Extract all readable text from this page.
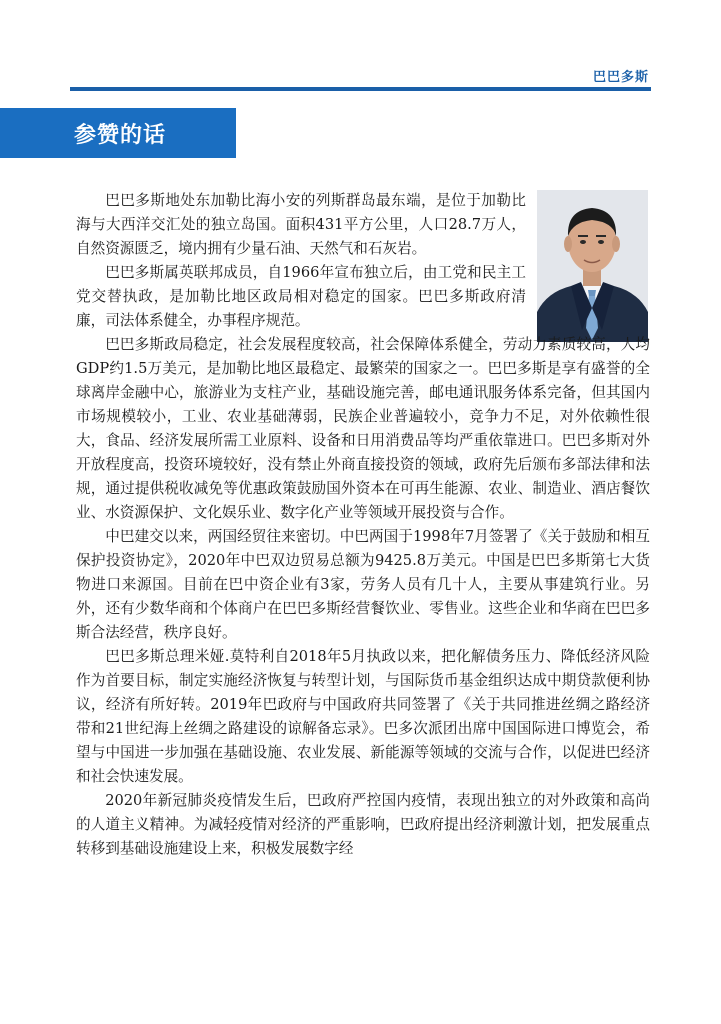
巴巴多斯
参赞的话

巴巴多斯地处东加勒比海小安的列斯群岛最东端，是位于加勒比海与大西洋交汇处的独立岛国。面积431平方公里，人口28.7万人，自然资源匮乏，境内拥有少量石油、天然气和石灰岩。

巴巴多斯属英联邦成员，自1966年宣布独立后，由工党和民主工党交替执政，是加勒比地区政局相对稳定的国家。巴巴多斯政府清廉，司法体系健全，办事程序规范。

巴巴多斯政局稳定，社会发展程度较高，社会保障体系健全，劳动力素质较高，人均GDP约1.5万美元，是加勒比地区最稳定、最繁荣的国家之一。巴巴多斯是享有盛誉的全球离岸金融中心，旅游业为支柱产业，基础设施完善，邮电通讯服务体系完备，但其国内市场规模较小，工业、农业基础薄弱，民族企业普遍较小，竞争力不足，对外依赖性很大，食品、经济发展所需工业原料、设备和日用消费品等均严重依靠进口。巴巴多斯对外开放程度高，投资环境较好，没有禁止外商直接投资的领域，政府先后颁布多部法律和法规，通过提供税收减免等优惠政策鼓励国外资本在可再生能源、农业、制造业、酒店餐饮业、水资源保护、文化娱乐业、数字化产业等领域开展投资与合作。

中巴建交以来，两国经贸往来密切。中巴两国于1998年7月签署了《关于鼓励和相互保护投资协定》，2020年中巴双边贸易总额为9425.8万美元。中国是巴巴多斯第七大货物进口来源国。目前在巴中资企业有3家，劳务人员有几十人，主要从事建筑行业。另外，还有少数华商和个体商户在巴巴多斯经营餐饮业、零售业。这些企业和华商在巴巴多斯合法经营，秩序良好。

巴巴多斯总理米娅.莫特利自2018年5月执政以来，把化解债务压力、降低经济风险作为首要目标，制定实施经济恢复与转型计划，与国际货币基金组织达成中期贷款便利协议，经济有所好转。2019年巴政府与中国政府共同签署了《关于共同推进丝绸之路经济带和21世纪海上丝绸之路建设的谅解备忘录》。巴多次派团出席中国国际进口博览会，希望与中国进一步加强在基础设施、农业发展、新能源等领域的交流与合作，以促进巴经济和社会快速发展。

2020年新冠肺炎疫情发生后，巴政府严控国内疫情，表现出独立的对外政策和高尚的人道主义精神。为减轻疫情对经济的严重影响，巴政府提出经济刺激计划，把发展重点转移到基础设施建设上来，积极发展数字经
